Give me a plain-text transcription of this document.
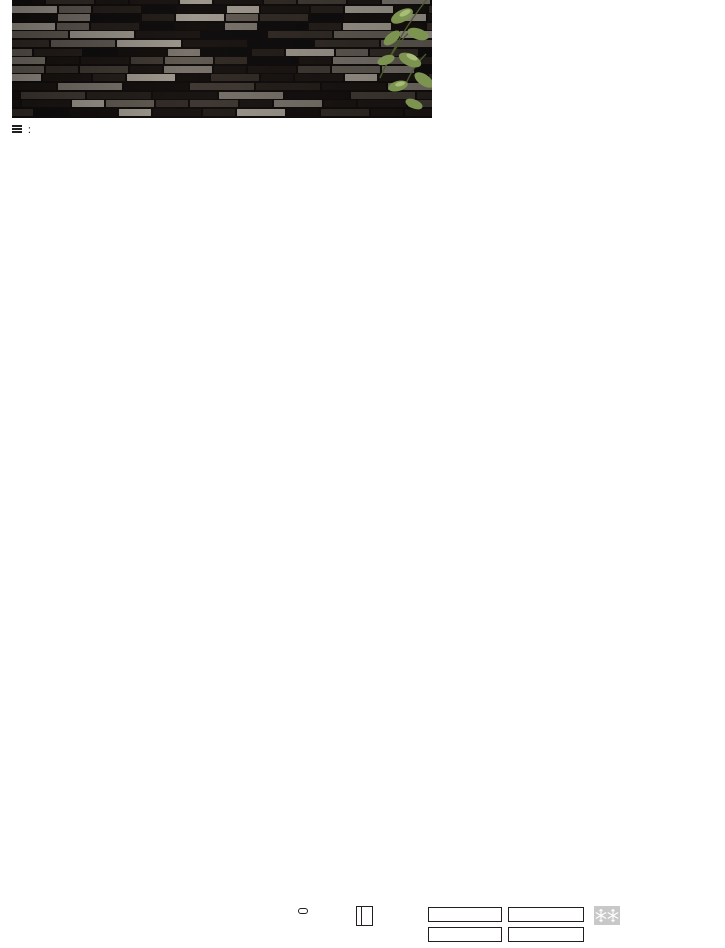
：
